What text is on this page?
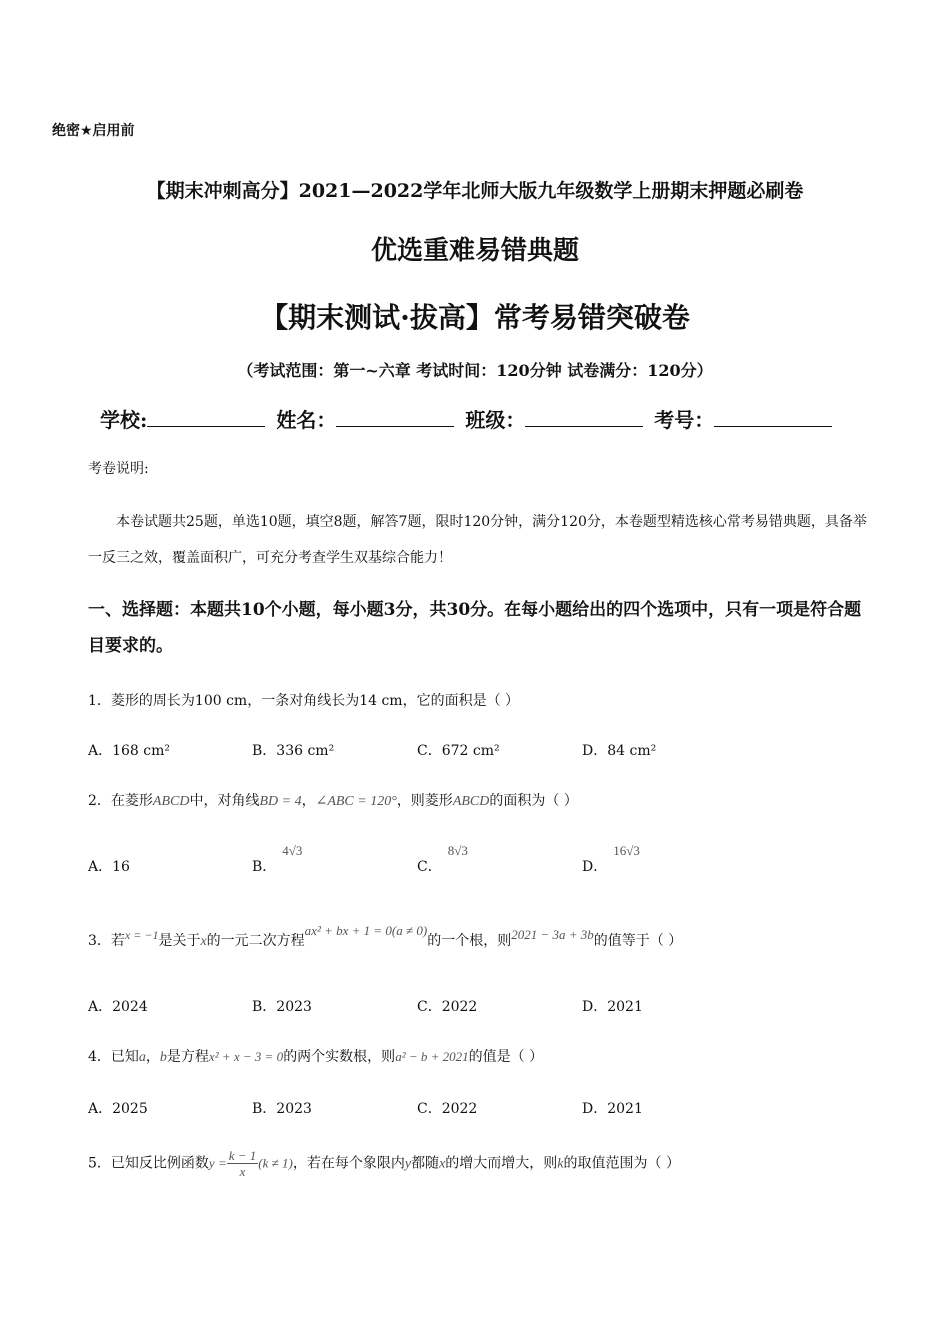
绝密★启用前
【期末冲刺高分】2021—2022学年北师大版九年级数学上册期末押题必刷卷
优选重难易错典题
【期末测试·拔高】常考易错突破卷
（考试范围：第一~六章 考试时间：120分钟 试卷满分：120分）
学校:	姓名：	班级：	考号：
考卷说明:
本卷试题共25题，单选10题，填空8题，解答7题，限时120分钟，满分120分，本卷题型精选核心常考易错典题，具备举一反三之效，覆盖面积广，可充分考查学生双基综合能力！
一、选择题：本题共10个小题，每小题3分，共30分。在每小题给出的四个选项中，只有一项是符合题目要求的。
1．菱形的周长为100 cm，一条对角线长为14 cm，它的面积是（ ）
A．168 cm²	B．336 cm²	C．672 cm²	D．84 cm²
2．在菱形ABCD中，对角线BD = 4，∠ABC = 120°，则菱形ABCD的面积为（ ）
A．16	B．4√3
C．8√3
D．16√3
3．若x = −1是关于x的一元二次方程ax² + bx + 1 = 0(a ≠ 0)的一个根，则2021 − 3a + 3b的值等于（ ）
A．2024	B．2023	C．2022	D．2021
4．已知a，b是方程x² + x − 3 = 0的两个实数根，则a² − b + 2021的值是（ ）
A．2025	B．2023	C．2022	D．2021
5．已知反比例函数$y = \frac{k - 1}{x} (k \ne 1)$，若在每个象限内y都随x的增大而增大，则k的取值范围为（ ）
